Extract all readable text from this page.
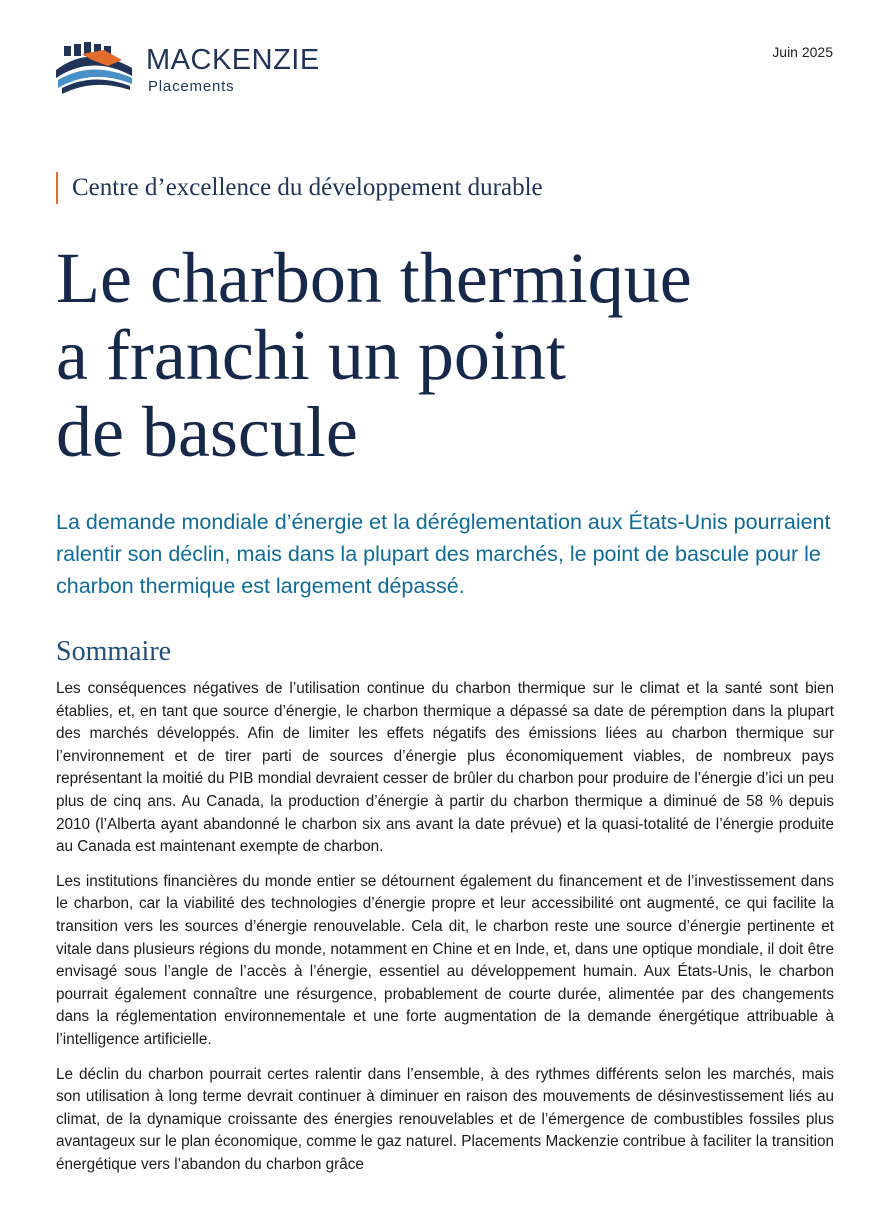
MACKENZIE
Placements
Juin 2025
Centre d’excellence du développement durable
Le charbon thermique
a franchi un point
de bascule

La demande mondiale d’énergie et la déréglementation aux États-Unis pourraient ralentir son déclin, mais dans la plupart des marchés, le point de bascule pour le charbon thermique est largement dépassé.

Sommaire

Les conséquences négatives de l’utilisation continue du charbon thermique sur le climat et la santé sont bien établies, et, en tant que source d’énergie, le charbon thermique a dépassé sa date de péremption dans la plupart des marchés développés. Afin de limiter les effets négatifs des émissions liées au charbon thermique sur l’environnement et de tirer parti de sources d’énergie plus économiquement viables, de nombreux pays représentant la moitié du PIB mondial devraient cesser de brûler du charbon pour produire de l’énergie d’ici un peu plus de cinq ans. Au Canada, la production d’énergie à partir du charbon thermique a diminué de 58 % depuis 2010 (l’Alberta ayant abandonné le charbon six ans avant la date prévue) et la quasi-totalité de l’énergie produite au Canada est maintenant exempte de charbon.

Les institutions financières du monde entier se détournent également du financement et de l’investissement dans le charbon, car la viabilité des technologies d’énergie propre et leur accessibilité ont augmenté, ce qui facilite la transition vers les sources d’énergie renouvelable. Cela dit, le charbon reste une source d’énergie pertinente et vitale dans plusieurs régions du monde, notamment en Chine et en Inde, et, dans une optique mondiale, il doit être envisagé sous l’angle de l’accès à l’énergie, essentiel au développement humain. Aux États-Unis, le charbon pourrait également connaître une résurgence, probablement de courte durée, alimentée par des changements dans la réglementation environnementale et une forte augmentation de la demande énergétique attribuable à l’intelligence artificielle.

Le déclin du charbon pourrait certes ralentir dans l’ensemble, à des rythmes différents selon les marchés, mais son utilisation à long terme devrait continuer à diminuer en raison des mouvements de désinvestissement liés au climat, de la dynamique croissante des énergies renouvelables et de l’émergence de combustibles fossiles plus avantageux sur le plan économique, comme le gaz naturel. Placements Mackenzie contribue à faciliter la transition énergétique vers l’abandon du charbon grâce
